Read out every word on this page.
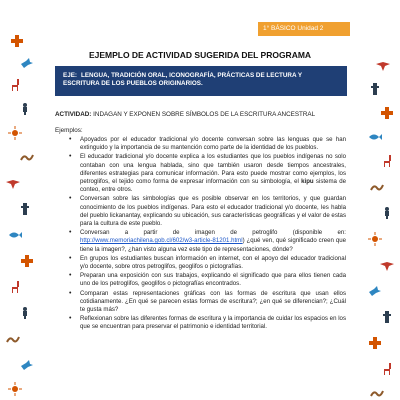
1° BÁSICO Unidad 2
EJEMPLO DE ACTIVIDAD SUGERIDA DEL PROGRAMA
EJE: LENGUA, TRADICIÓN ORAL, ICONOGRAFÍA, PRÁCTICAS DE LECTURA Y ESCRITURA DE LOS PUEBLOS ORIGINARIOS.
ACTIVIDAD: INDAGAN Y EXPONEN SOBRE SÍMBOLOS DE LA ESCRITURA ANCESTRAL
Ejemplos:
• Apoyados por el educador tradicional y/o docente conversan sobre las lenguas que se han extinguido y la importancia de su mantención como parte de la identidad de los pueblos.
• El educador tradicional y/o docente explica a los estudiantes que los pueblos indígenas no solo contaban con una lengua hablada, sino que también usaron desde tiempos ancestrales, diferentes estrategias para comunicar información. Para esto puede mostrar como ejemplos, los petroglifos, el tejido como forma de expresar información con su simbología, el kipu sistema de conteo, entre otros.
• Conversan sobre las simbologías que es posible observar en los territorios, y que guardan conocimiento de los pueblos indígenas. Para esto el educador tradicional y/o docente, les habla del pueblo lickanantay, explicando su ubicación, sus características geográficas y el valor de estas para la cultura de este pueblo.
• Conversan a partir de imagen de petroglifo (disponible en: http://www.memoriachilena.gob.cl/602/w3-article-81201.html) ¿qué ven, qué significado creen que tiene la imagen?, ¿han visto alguna vez este tipo de representaciones, dónde?
• En grupos los estudiantes buscan información en internet, con el apoyo del educador tradicional y/o docente, sobre otros petroglifos, geoglifos o pictografías.
• Preparan una exposición con sus trabajos, explicando el significado que para ellos tienen cada uno de los petroglifos, geoglifos o pictografías encontrados.
• Comparan estas representaciones gráficas con las formas de escritura que usan ellos cotidianamente. ¿En qué se parecen estas formas de escritura?; ¿en qué se diferencian?; ¿Cuál te gusta más?
• Reflexionan sobre las diferentes formas de escritura y la importancia de cuidar los espacios en los que se encuentran para preservar el patrimonio e identidad territorial.
